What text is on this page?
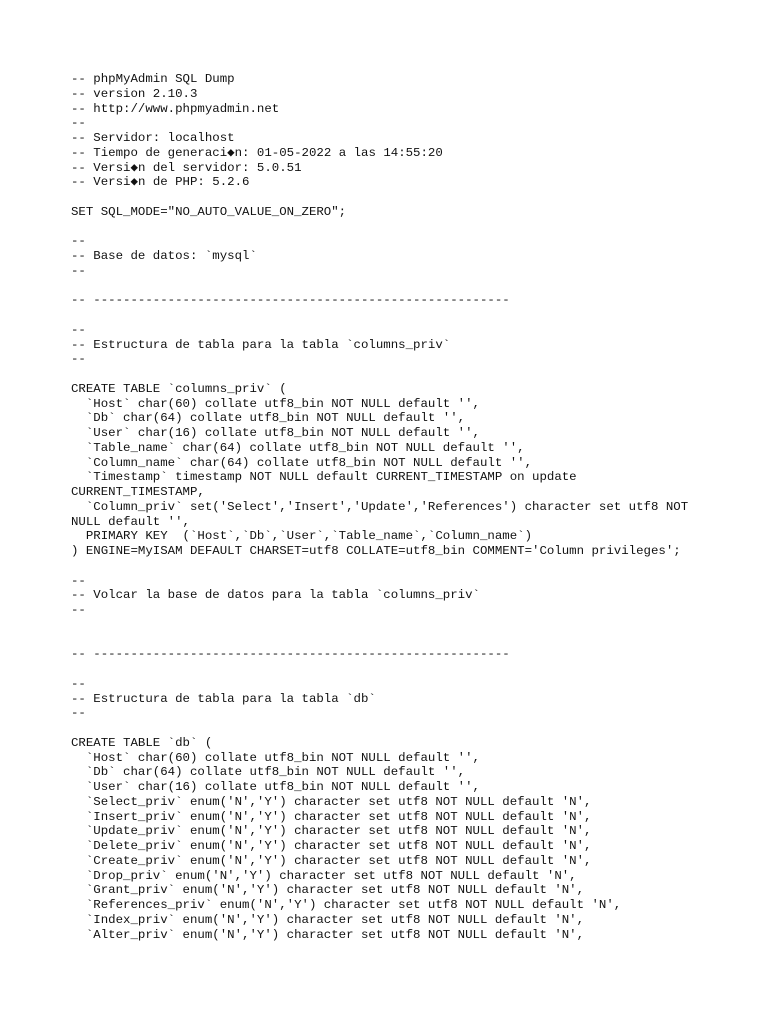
-- phpMyAdmin SQL Dump
-- version 2.10.3
-- http://www.phpmyadmin.net
--
-- Servidor: localhost
-- Tiempo de generaci◆n: 01-05-2022 a las 14:55:20
-- Versi◆n del servidor: 5.0.51
-- Versi◆n de PHP: 5.2.6
SET SQL_MODE="NO_AUTO_VALUE_ON_ZERO";
--
-- Base de datos: `mysql`
--
-- --------------------------------------------------------
--
-- Estructura de tabla para la tabla `columns_priv`
--
CREATE TABLE `columns_priv` (
`Host` char(60) collate utf8_bin NOT NULL default '',
`Db` char(64) collate utf8_bin NOT NULL default '',
`User` char(16) collate utf8_bin NOT NULL default '',
`Table_name` char(64) collate utf8_bin NOT NULL default '',
`Column_name` char(64) collate utf8_bin NOT NULL default '',
`Timestamp` timestamp NOT NULL default CURRENT_TIMESTAMP on update
CURRENT_TIMESTAMP,
`Column_priv` set('Select','Insert','Update','References') character set utf8 NOT
NULL default '',
PRIMARY KEY  (`Host`,`Db`,`User`,`Table_name`,`Column_name`)
) ENGINE=MyISAM DEFAULT CHARSET=utf8 COLLATE=utf8_bin COMMENT='Column privileges';
--
-- Volcar la base de datos para la tabla `columns_priv`
--
-- --------------------------------------------------------
--
-- Estructura de tabla para la tabla `db`
--
CREATE TABLE `db` (
`Host` char(60) collate utf8_bin NOT NULL default '',
`Db` char(64) collate utf8_bin NOT NULL default '',
`User` char(16) collate utf8_bin NOT NULL default '',
`Select_priv` enum('N','Y') character set utf8 NOT NULL default 'N',
`Insert_priv` enum('N','Y') character set utf8 NOT NULL default 'N',
`Update_priv` enum('N','Y') character set utf8 NOT NULL default 'N',
`Delete_priv` enum('N','Y') character set utf8 NOT NULL default 'N',
`Create_priv` enum('N','Y') character set utf8 NOT NULL default 'N',
`Drop_priv` enum('N','Y') character set utf8 NOT NULL default 'N',
`Grant_priv` enum('N','Y') character set utf8 NOT NULL default 'N',
`References_priv` enum('N','Y') character set utf8 NOT NULL default 'N',
`Index_priv` enum('N','Y') character set utf8 NOT NULL default 'N',
`Alter_priv` enum('N','Y') character set utf8 NOT NULL default 'N',
